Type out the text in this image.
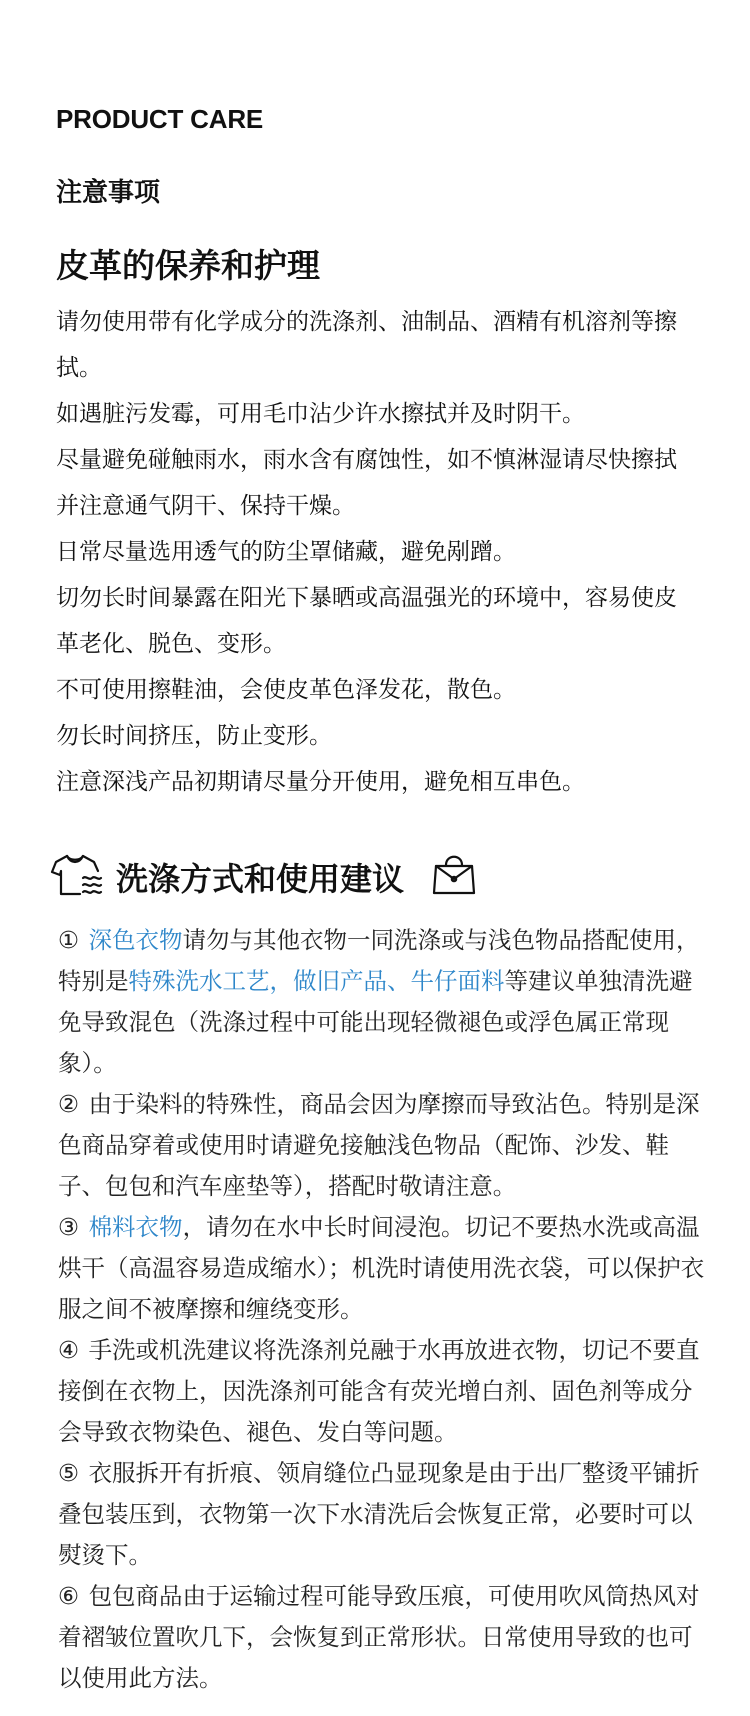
PRODUCT CARE
注意事项
皮革的保养和护理

请勿使用带有化学成分的洗涤剂、油制品、酒精有机溶剂等擦拭。

如遇脏污发霉，可用毛巾沾少许水擦拭并及时阴干。

尽量避免碰触雨水，雨水含有腐蚀性，如不慎淋湿请尽快擦拭并注意通气阴干、保持干燥。

日常尽量选用透气的防尘罩储藏，避免剐蹭。

切勿长时间暴露在阳光下暴晒或高温强光的环境中，容易使皮革老化、脱色、变形。

不可使用擦鞋油，会使皮革色泽发花，散色。

勿长时间挤压，防止变形。

注意深浅产品初期请尽量分开使用，避免相互串色。

洗涤方式和使用建议

① 深色衣物请勿与其他衣物一同洗涤或与浅色物品搭配使用，特别是特殊洗水工艺，做旧产品、牛仔面料等建议单独清洗避免导致混色（洗涤过程中可能出现轻微褪色或浮色属正常现象）。

② 由于染料的特殊性，商品会因为摩擦而导致沾色。特别是深色商品穿着或使用时请避免接触浅色物品（配饰、沙发、鞋子、包包和汽车座垫等），搭配时敬请注意。

③ 棉料衣物，请勿在水中长时间浸泡。切记不要热水洗或高温烘干（高温容易造成缩水）；机洗时请使用洗衣袋，可以保护衣服之间不被摩擦和缠绕变形。

④ 手洗或机洗建议将洗涤剂兑融于水再放进衣物，切记不要直接倒在衣物上，因洗涤剂可能含有荧光增白剂、固色剂等成分会导致衣物染色、褪色、发白等问题。

⑤ 衣服拆开有折痕、领肩缝位凸显现象是由于出厂整烫平铺折叠包装压到，衣物第一次下水清洗后会恢复正常，必要时可以熨烫下。

⑥ 包包商品由于运输过程可能导致压痕，可使用吹风筒热风对着褶皱位置吹几下，会恢复到正常形状。日常使用导致的也可以使用此方法。
